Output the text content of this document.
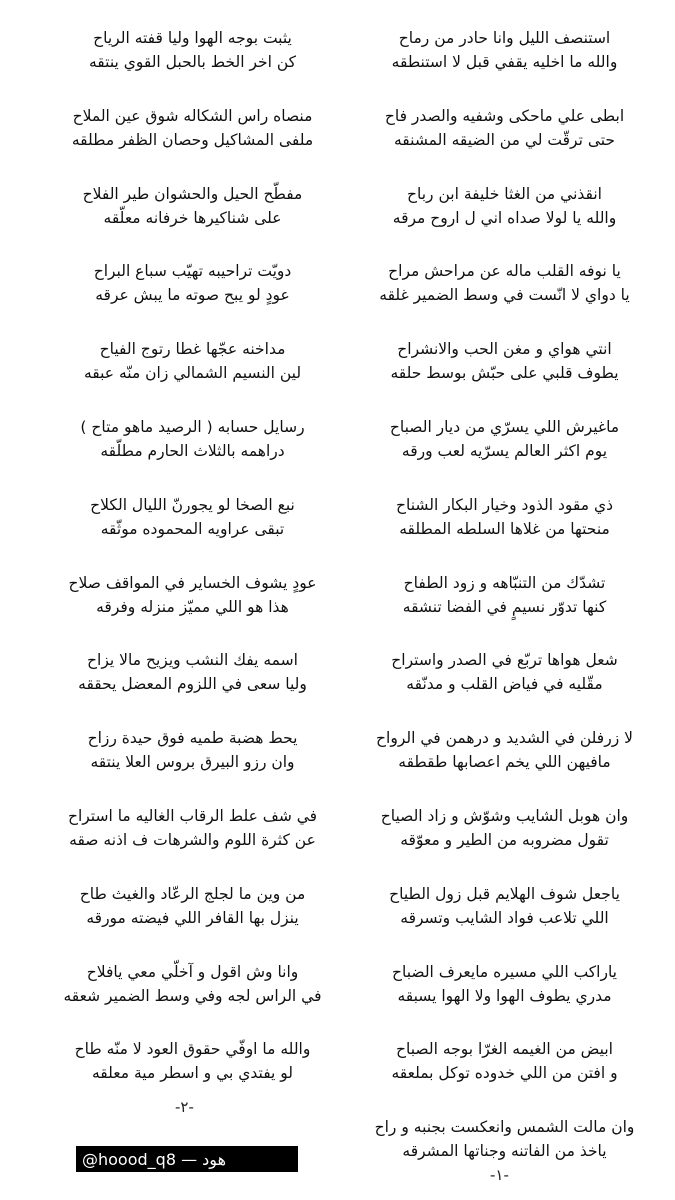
استنصف الليل وانا حادر من رماح
والله ما اخليه يقفي قبل لا استنطقه
ابطى علي ماحكى وشفيه والصدر فاح
حتى ترقّت لي من الضيقه المشنقه
انقذني من الغثا خليفة ابن رباح
والله يا لولا صداه اني ل اروح مرقه
يا نوفه القلب ماله عن مراحش مراح
يا دواي لا انّست في وسط الضمير غلقه
انتي هواي و مغن الحب والانشراح
يطوف قلبي على حبّش بوسط حلقه
ماغيرش اللي يسرّي من ديار الصباح
يوم اكثر العالم يسرّيه لعب ورقه
ذي مقود الذود وخيار البكار الشناح
منحتها من غلاها السلطه المطلقه
تشدّك من التنبّاهه و زود الطفاح
كنها تدوّر نسيمٍ في الفضا تنشقه
شعل هواها تربّع في الصدر واستراح
مقّليه في فياض القلب و مدنّقه
لا زرفلن في الشديد و درهمن في الرواح
مافيهن اللي يخم اعصابها طقطقه
وان هوبل الشايب وشوّش و زاد الصياح
تقول مضروبه من الطير و معوّقه
ياجعل شوف الهلايم قبل زول الطياح
اللي تلاعب فواد الشايب وتسرقه
ياراكب اللي مسيره مايعرف الضباح
مدري يطوف الهوا ولا الهوا يسبقه
ابيض من الغيمه الغرّا بوجه الصباح
و افتن من اللي خدوده توكل بملعقه
وان مالت الشمس وانعكست بجنبه و راح
ياخذ من الفاتنه وجناتها المشرقه
يثبت بوجه الهوا وليا قفته الرياح
كن اخر الخط بالحبل القوي ينتقه
منصاه راس الشكاله شوق عين الملاح
ملفى المشاكيل وحصان الظفر مطلقه
مفطّح الحيل والحشوان طير الفلاح
على شناكيرها خرفانه معلّقه
دويّت تراحيبه تهيّب سباع البراح
عودٍ لو يبح صوته ما يبش عرقه
مداخنه عجّها غطا رتوج الفياح
لين النسيم الشمالي زان منّه عبقه
رسايل حسابه ( الرصيد ماهو متاح )
دراهمه بالثلاث الحارم مطلّقه
نبع الصخا لو يجورنّ الليال الكلاح
تبقى عراويه المحموده موثّقه
عودٍ يشوف الخساير في المواقف صلاح
هذا هو اللي مميّز منزله وفرقه
اسمه يفك النشب ويزيح مالا يزاح
وليا سعى في اللزوم المعضل يحققه
يحط هضبة طميه فوق حيدة رزاح
وان رزو البيرق بروس العلا ينتقه
في شف علط الرقاب الغاليه ما استراح
عن كثرة اللوم والشرهات ف اذنه صقه
من وين ما لجلج الرعّاد والغيث طاح
ينزل بها القافر اللي فيضته مورقه
وانا وش اقول و آخلّي معي يافلاح
في الراس لجه وفي وسط الضمير شعقه
والله ما اوفّي حقوق العود لا منّه طاح
لو يفتدي بي و اسطر مية معلقه
-٢-
-١-
@hoood_q8 — هود
